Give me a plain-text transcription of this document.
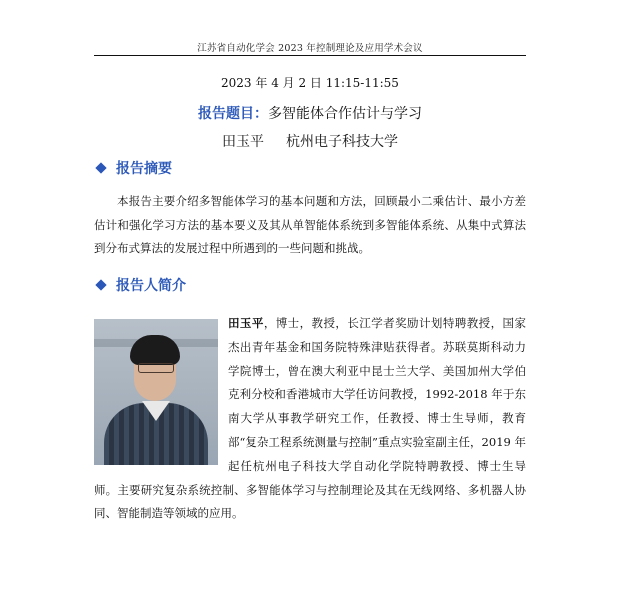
江苏省自动化学会 2023 年控制理论及应用学术会议
2023 年 4 月 2 日 11:15-11:55
报告题目：多智能体合作估计与学习
田玉平 杭州电子科技大学
报告摘要
本报告主要介绍多智能体学习的基本问题和方法，回顾最小二乘估计、最小方差估计和强化学习方法的基本要义及其从单智能体系统到多智能体系统、从集中式算法到分布式算法的发展过程中所遇到的一些问题和挑战。
报告人简介
田玉平，博士，教授，长江学者奖励计划特聘教授，国家杰出青年基金和国务院特殊津贴获得者。苏联莫斯科动力学院博士，曾在澳大利亚中昆士兰大学、美国加州大学伯克利分校和香港城市大学任访问教授，1992-2018 年于东南大学从事教学研究工作，任教授、博士生导师，教育部“复杂工程系统测量与控制”重点实验室副主任，2019 年起任杭州电子科技大学自动化学院特聘教授、博士生导师。主要研究复杂系统控制、多智能体学习与控制理论及其在无线网络、多机器人协同、智能制造等领域的应用。
